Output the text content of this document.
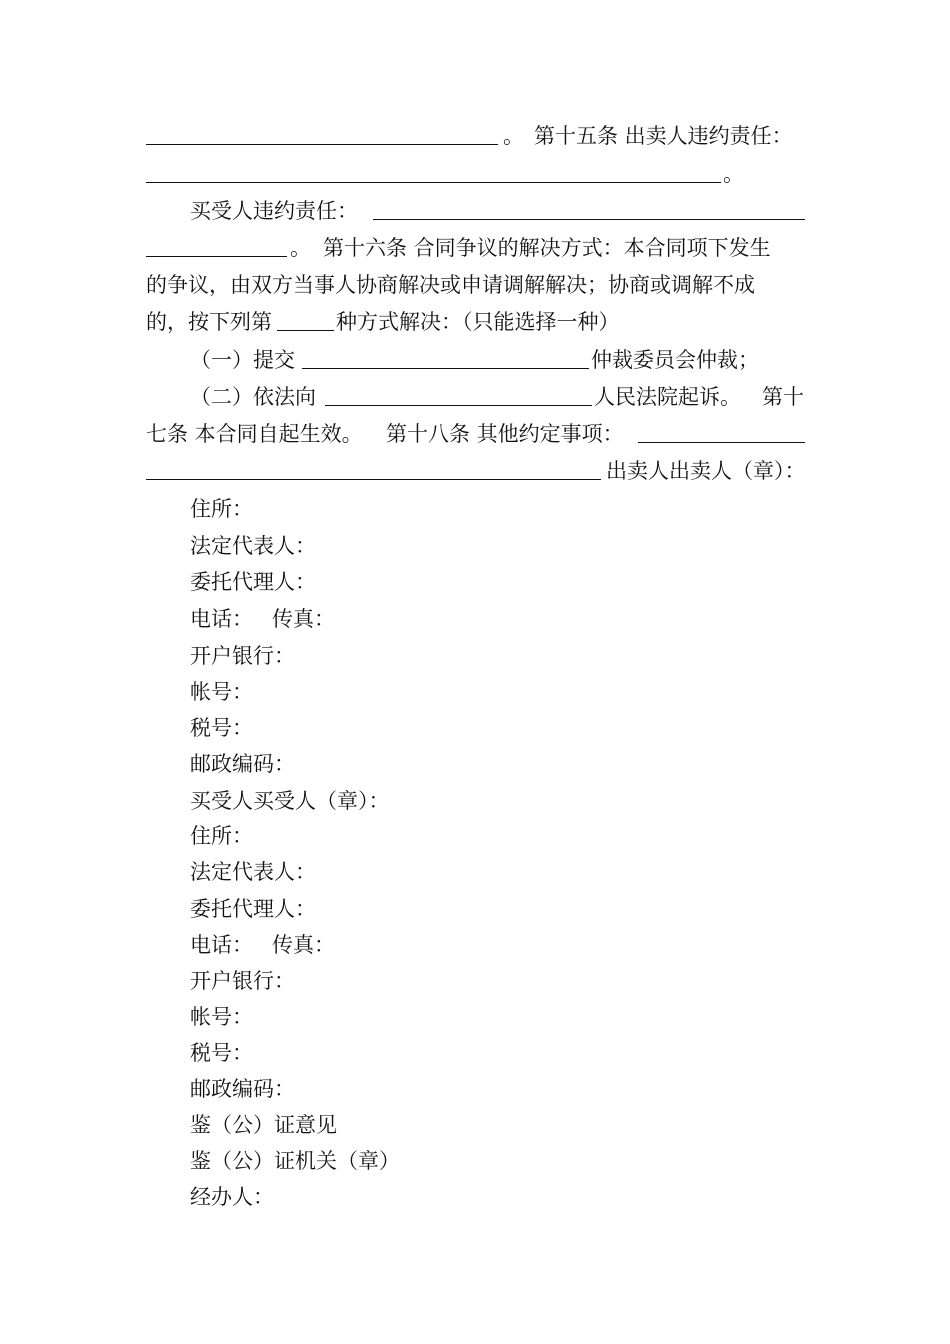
。 第十五条 出卖人违约责任：
。
买受人违约责任：
。 第十六条 合同争议的解决方式：本合同项下发生
的争议，由双方当事人协商解决或申请调解解决；协商或调解不成
的，按下列第	种方式解决：（只能选择一种）
（一）提交	仲裁委员会仲裁；
（二）依法向	人民法院起诉。 第十
七条 本合同自起生效。 第十八条 其他约定事项：
出卖人出卖人（章）：
住所：
法定代表人：
委托代理人：
电话： 传真：
开户银行：
帐号：
税号：
邮政编码：
买受人买受人（章）：
住所：
法定代表人：
委托代理人：
电话： 传真：
开户银行：
帐号：
税号：
邮政编码：
鉴（公）证意见
鉴（公）证机关（章）
经办人：
